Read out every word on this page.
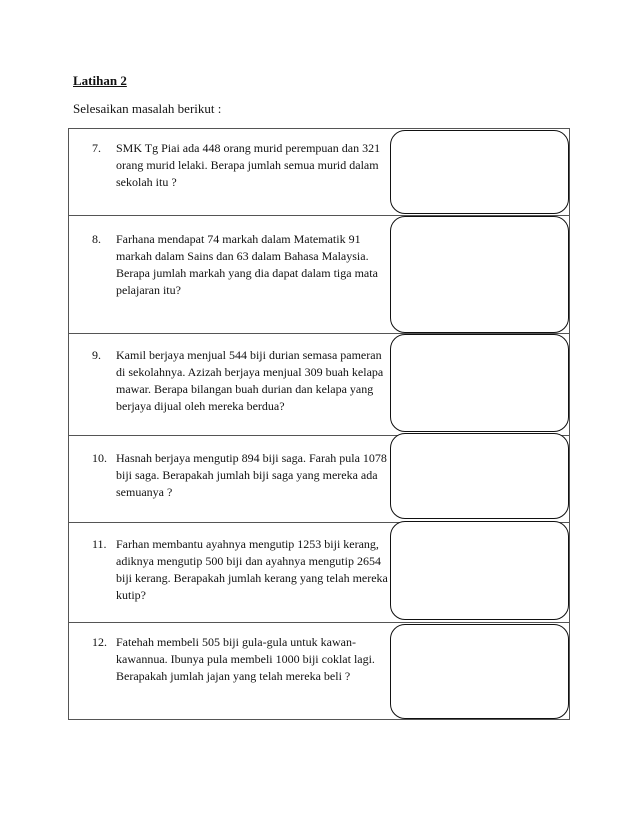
Latihan 2
Selesaikan masalah berikut :
7.	SMK Tg Piai ada 448 orang murid perempuan dan 321 orang murid lelaki. Berapa jumlah semua murid dalam sekolah itu ?
8.	Farhana mendapat 74 markah dalam Matematik 91 markah dalam Sains dan 63 dalam Bahasa Malaysia. Berapa jumlah markah yang dia dapat dalam tiga mata pelajaran itu?
9.	Kamil berjaya menjual 544 biji durian semasa pameran di sekolahnya. Azizah berjaya menjual 309 buah kelapa mawar. Berapa bilangan buah durian dan kelapa yang berjaya dijual oleh mereka berdua?
10. Hasnah berjaya mengutip 894 biji saga. Farah pula 1078 biji saga. Berapakah jumlah biji saga yang mereka ada semuanya ?
11. Farhan membantu ayahnya mengutip 1253 biji kerang, adiknya mengutip 500 biji dan ayahnya mengutip 2654 biji kerang. Berapakah jumlah kerang yang telah mereka kutip?
12. Fatehah membeli 505 biji gula-gula untuk kawan-kawannua. Ibunya pula membeli 1000 biji coklat lagi. Berapakah jumlah jajan yang telah mereka beli ?
